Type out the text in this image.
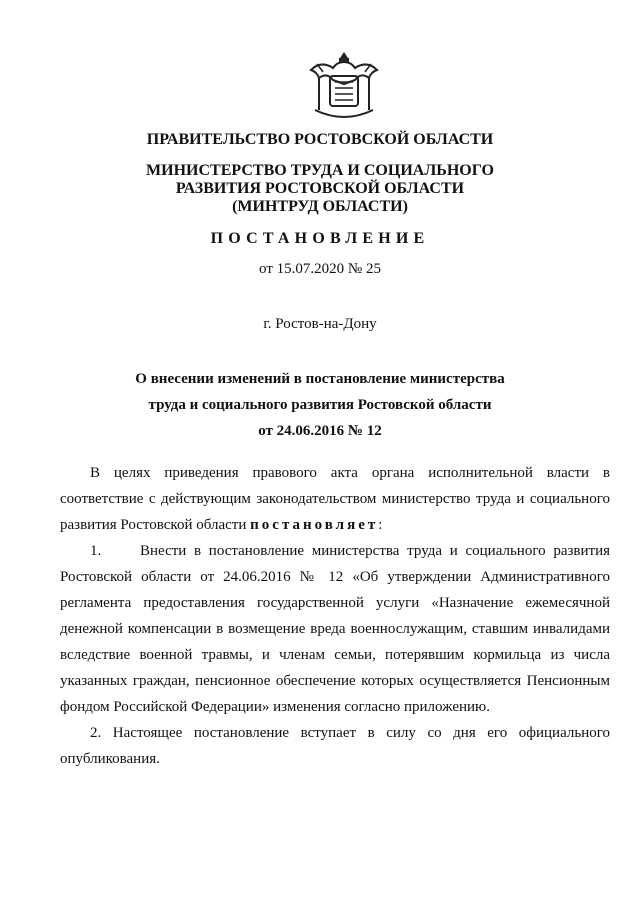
ПРАВИТЕЛЬСТВО РОСТОВСКОЙ ОБЛАСТИ
МИНИСТЕРСТВО ТРУДА И СОЦИАЛЬНОГО
РАЗВИТИЯ РОСТОВСКОЙ ОБЛАСТИ
(МИНТРУД ОБЛАСТИ)
ПОСТАНОВЛЕНИЕ
от 15.07.2020 № 25
г. Ростов-на-Дону
О внесении изменений в постановление министерства
труда и социального развития Ростовской области
от 24.06.2016 № 12

В целях приведения правового акта органа исполнительной власти в соответствие с действующим законодательством министерство труда и социального развития Ростовской области постановляет:

1.	Внести в постановление министерства труда и социального развития Ростовской области от 24.06.2016 № 12 «Об утверждении Административного регламента предоставления государственной услуги «Назначение ежемесячной денежной компенсации в возмещение вреда военнослужащим, ставшим инвалидами вследствие военной травмы, и членам семьи, потерявшим кормильца из числа указанных граждан, пенсионное обеспечение которых осуществляется Пенсионным фондом Российской Федерации» изменения согласно приложению.

2. Настоящее постановление вступает в силу со дня его официального опубликования.
